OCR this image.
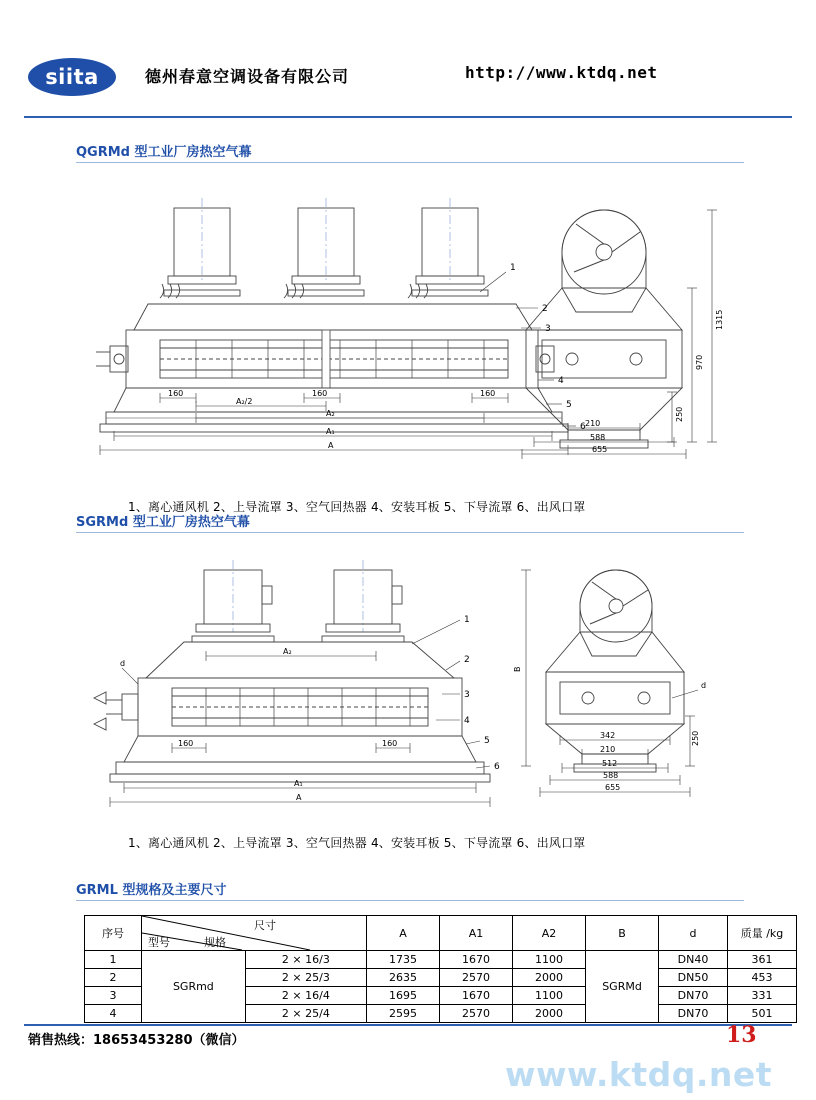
siita	德州春意空调设备有限公司	http://www.ktdq.net
QGRMd 型工业厂房热空气幕
160	160	160
A₂/2
A₂
A₁
A
210
588
655
1315
970
250
1
2
3
4
5
6
1、离心通风机 2、上导流罩 3、空气回热器 4、安装耳板 5、下导流罩 6、出风口罩
SGRMd 型工业厂房热空气幕
160	160
A₂
A₁
A
B
342	250
210
512
588
655
d
d
1
2
3
4
5
6
1、离心通风机 2、上导流罩 3、空气回热器 4、安装耳板 5、下导流罩 6、出风口罩
GRML 型规格及主要尺寸
序号	尺寸
型号 规格		A	A1	A2	B	d	质量 /kg
1	SGRmd	2 × 16/3	1735	1670	1100	SGRMd	DN40	361
2		2 × 25/3	2635	2570	2000		DN50	453
3		2 × 16/4	1695	1670	1100		DN70	331
4		2 × 25/4	2595	2570	2000		DN70	501
销售热线：18653453280（微信）	13
www.ktdq.net
